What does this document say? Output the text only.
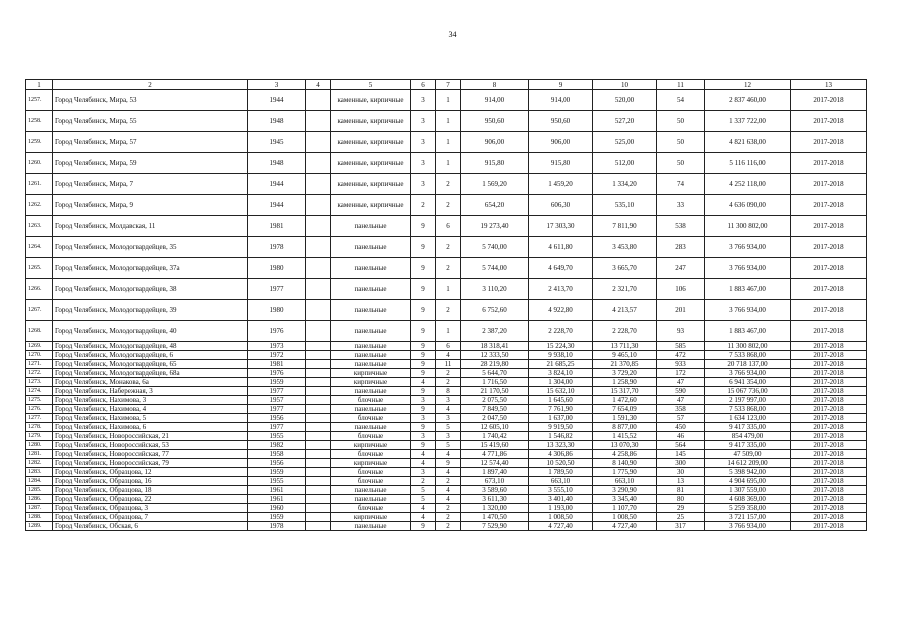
34
1	2	3	4	5	6	7	8	9	10	11	12	13
1257.	Город Челябинск, Мира, 53	1944		каменные, кирпичные	3	1	914,00	914,00	520,00	54	2 837 460,00	2017-2018
1258.	Город Челябинск, Мира, 55	1948		каменные, кирпичные	3	1	950,60	950,60	527,20	50	1 337 722,00	2017-2018
1259.	Город Челябинск, Мира, 57	1945		каменные, кирпичные	3	1	906,00	906,00	525,00	50	4 821 638,00	2017-2018
1260.	Город Челябинск, Мира, 59	1948		каменные, кирпичные	3	1	915,80	915,80	512,00	50	5 116 116,00	2017-2018
1261.	Город Челябинск, Мира, 7	1944		каменные, кирпичные	3	2	1 569,20	1 459,20	1 334,20	74	4 252 118,00	2017-2018
1262.	Город Челябинск, Мира, 9	1944		каменные, кирпичные	2	2	654,20	606,30	535,10	33	4 636 090,00	2017-2018
1263.	Город Челябинск, Молдавская, 11	1981		панельные	9	6	19 273,40	17 303,30	7 811,90	538	11 300 802,00	2017-2018
1264.	Город Челябинск, Молодогвардейцев, 35	1978		панельные	9	2	5 740,00	4 611,80	3 453,80	283	3 766 934,00	2017-2018
1265.	Город Челябинск, Молодогвардейцев, 37а	1980		панельные	9	2	5 744,00	4 649,70	3 665,70	247	3 766 934,00	2017-2018
1266.	Город Челябинск, Молодогвардейцев, 38	1977		панельные	9	1	3 110,20	2 413,70	2 321,70	106	1 883 467,00	2017-2018
1267.	Город Челябинск, Молодогвардейцев, 39	1980		панельные	9	2	6 752,60	4 922,80	4 213,57	201	3 766 934,00	2017-2018
1268.	Город Челябинск, Молодогвардейцев, 40	1976		панельные	9	1	2 387,20	2 228,70	2 228,70	93	1 883 467,00	2017-2018
1269.	Город Челябинск, Молодогвардейцев, 48	1973		панельные	9	6	18 318,41	15 224,30	13 711,30	585	11 300 802,00	2017-2018
1270.	Город Челябинск, Молодогвардейцев, 6	1972		панельные	9	4	12 333,50	9 938,10	9 465,10	472	7 533 868,00	2017-2018
1271.	Город Челябинск, Молодогвардейцев, 65	1981		панельные	9	11	28 219,80	21 685,25	21 370,85	933	20 718 137,00	2017-2018
1272.	Город Челябинск, Молодогвардейцев, 68а	1976		кирпичные	9	2	5 644,70	3 824,10	3 729,20	172	3 766 934,00	2017-2018
1273.	Город Челябинск, Монакова, 6а	1959		кирпичные	4	2	1 716,50	1 304,00	1 258,90	47	6 941 354,00	2017-2018
1274.	Город Челябинск, Набережная, 3	1977		панельные	9	8	21 170,50	15 632,10	15 317,70	590	15 067 736,00	2017-2018
1275.	Город Челябинск, Нахимова, 3	1957		блочные	3	3	2 075,50	1 645,60	1 472,60	47	2 197 997,00	2017-2018
1276.	Город Челябинск, Нахимова, 4	1977		панельные	9	4	7 849,50	7 761,90	7 654,09	358	7 533 868,00	2017-2018
1277.	Город Челябинск, Нахимова, 5	1956		блочные	3	3	2 047,50	1 637,00	1 591,30	57	1 634 123,00	2017-2018
1278.	Город Челябинск, Нахимова, 6	1977		панельные	9	5	12 605,10	9 919,50	8 877,00	450	9 417 335,00	2017-2018
1279.	Город Челябинск, Новороссийская, 21	1955		блочные	3	3	1 740,42	1 546,82	1 415,52	46	854 479,00	2017-2018
1280.	Город Челябинск, Новороссийская, 53	1982		кирпичные	9	5	15 419,60	13 323,30	13 070,30	564	9 417 335,00	2017-2018
1281.	Город Челябинск, Новороссийская, 77	1958		блочные	4	4	4 771,86	4 306,86	4 258,86	145	47 509,00	2017-2018
1282.	Город Челябинск, Новороссийская, 79	1956		кирпичные	4	9	12 574,40	10 520,50	8 140,90	300	14 612 209,00	2017-2018
1283.	Город Челябинск, Образцова, 12	1959		блочные	3	4	1 897,40	1 789,50	1 775,90	30	5 398 942,00	2017-2018
1284.	Город Челябинск, Образцова, 16	1955		блочные	2	2	673,10	663,10	663,10	13	4 904 695,00	2017-2018
1285.	Город Челябинск, Образцова, 18	1961		панельные	5	4	3 589,60	3 555,10	3 290,90	81	1 307 559,00	2017-2018
1286.	Город Челябинск, Образцова, 22	1961		панельные	5	4	3 611,30	3 401,40	3 345,40	80	4 608 369,00	2017-2018
1287.	Город Челябинск, Образцова, 3	1960		блочные	4	2	1 320,00	1 193,00	1 107,70	29	5 259 358,00	2017-2018
1288.	Город Челябинск, Образцова, 7	1959		кирпичные	4	2	1 470,50	1 008,50	1 008,50	25	3 721 157,00	2017-2018
1289.	Город Челябинск, Обская, 6	1978		панельные	9	2	7 529,90	4 727,40	4 727,40	317	3 766 934,00	2017-2018
